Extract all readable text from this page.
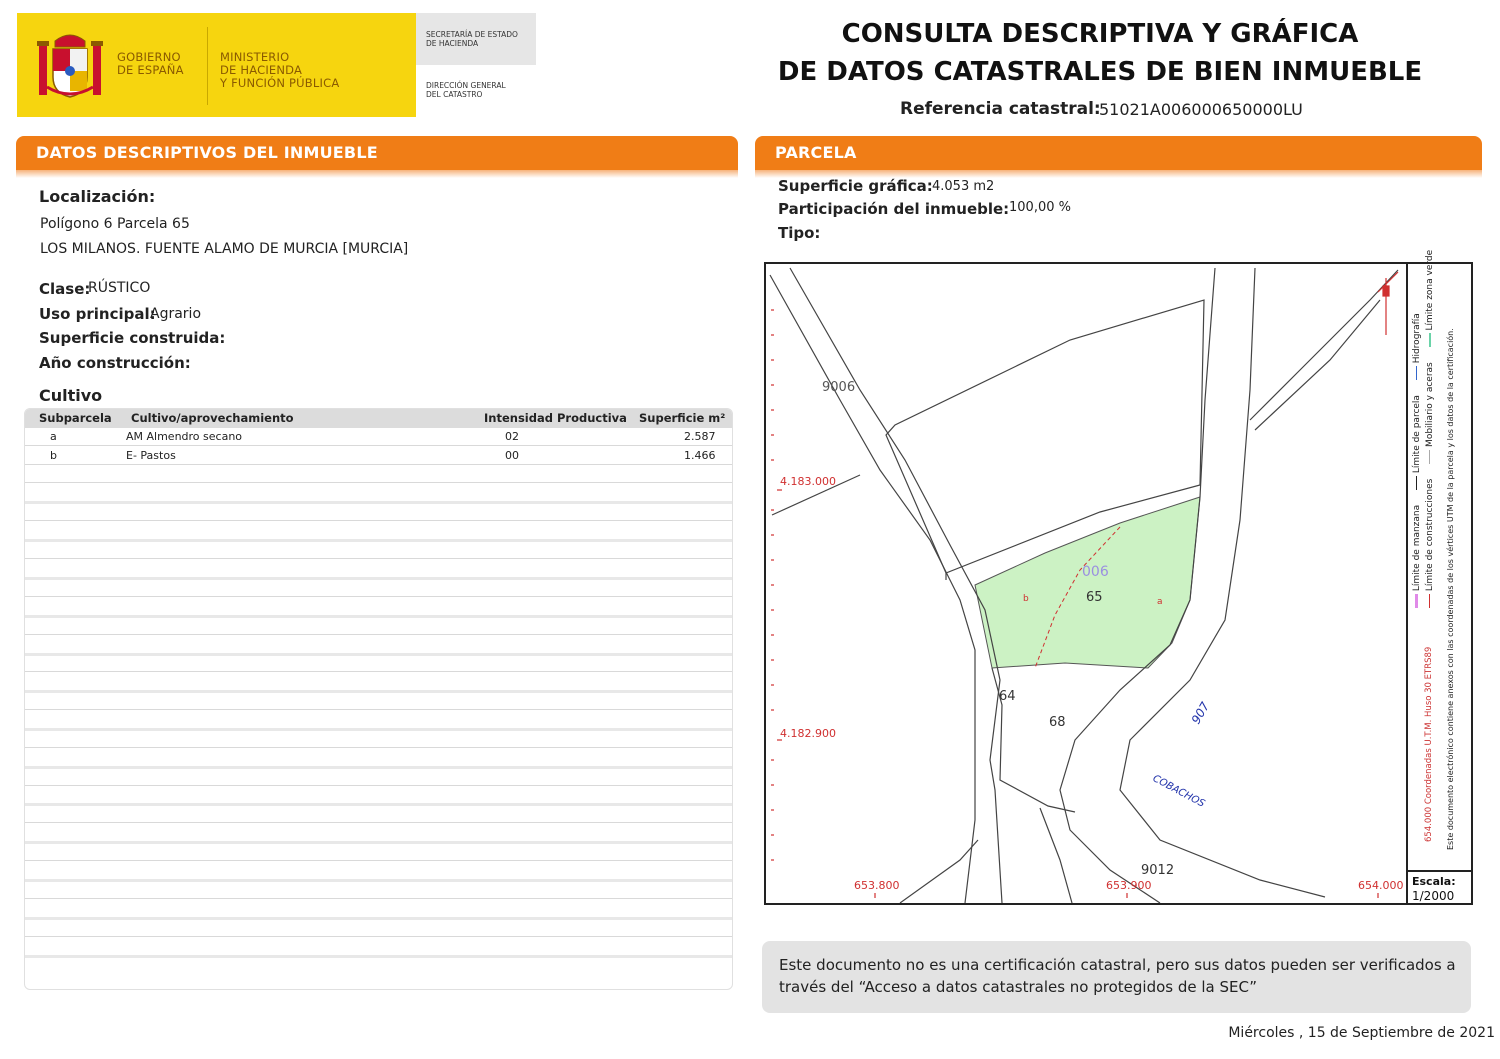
GOBIERNO
DE ESPAÑA
MINISTERIO
DE HACIENDA
Y FUNCIÓN PÚBLICA
SECRETARÍA DE ESTADO
DE HACIENDA
DIRECCIÓN GENERAL
DEL CATASTRO
CONSULTA DESCRIPTIVA Y GRÁFICA
DE DATOS CATASTRALES DE BIEN INMUEBLE
Referencia catastral:
51021A006000650000LU
DATOS DESCRIPTIVOS DEL INMUEBLE
Localización:
Polígono 6 Parcela 65
LOS MILANOS. FUENTE ALAMO DE MURCIA [MURCIA]
Clase:
RÚSTICO
Uso principal:
Agrario
Superficie construida:
Año construcción:
Cultivo
Subparcela Cultivo/aprovechamiento	Intensidad Productiva Superficie m²
a	AM Almendro secano	02	2.587
b	E- Pastos	00	1.466
PARCELA
Superficie gráfica: 4.053 m2
Participación del inmueble: 100,00 %
Tipo:
9006
006
65
b	a
64
68	907
COBACHOS
9012
4.183.000
4.182.900
653.800	653.900	654.000
Límite de manzana  Límite de parcela  Hidrografía
Límite de construcciones  Mobiliario y aceras  Límite zona verde
654.000 Coordenadas U.T.M. Huso 30 ETRS89 Este documento electrónico contiene anexos con las coordenadas de los vértices UTM de la parcela y los datos de la certificación.
Escala:
1/2000

Este documento no es una certificación catastral, pero sus datos pueden ser verificados a través del “Acceso a datos catastrales no protegidos de la SEC”

Miércoles , 15 de Septiembre de 2021
